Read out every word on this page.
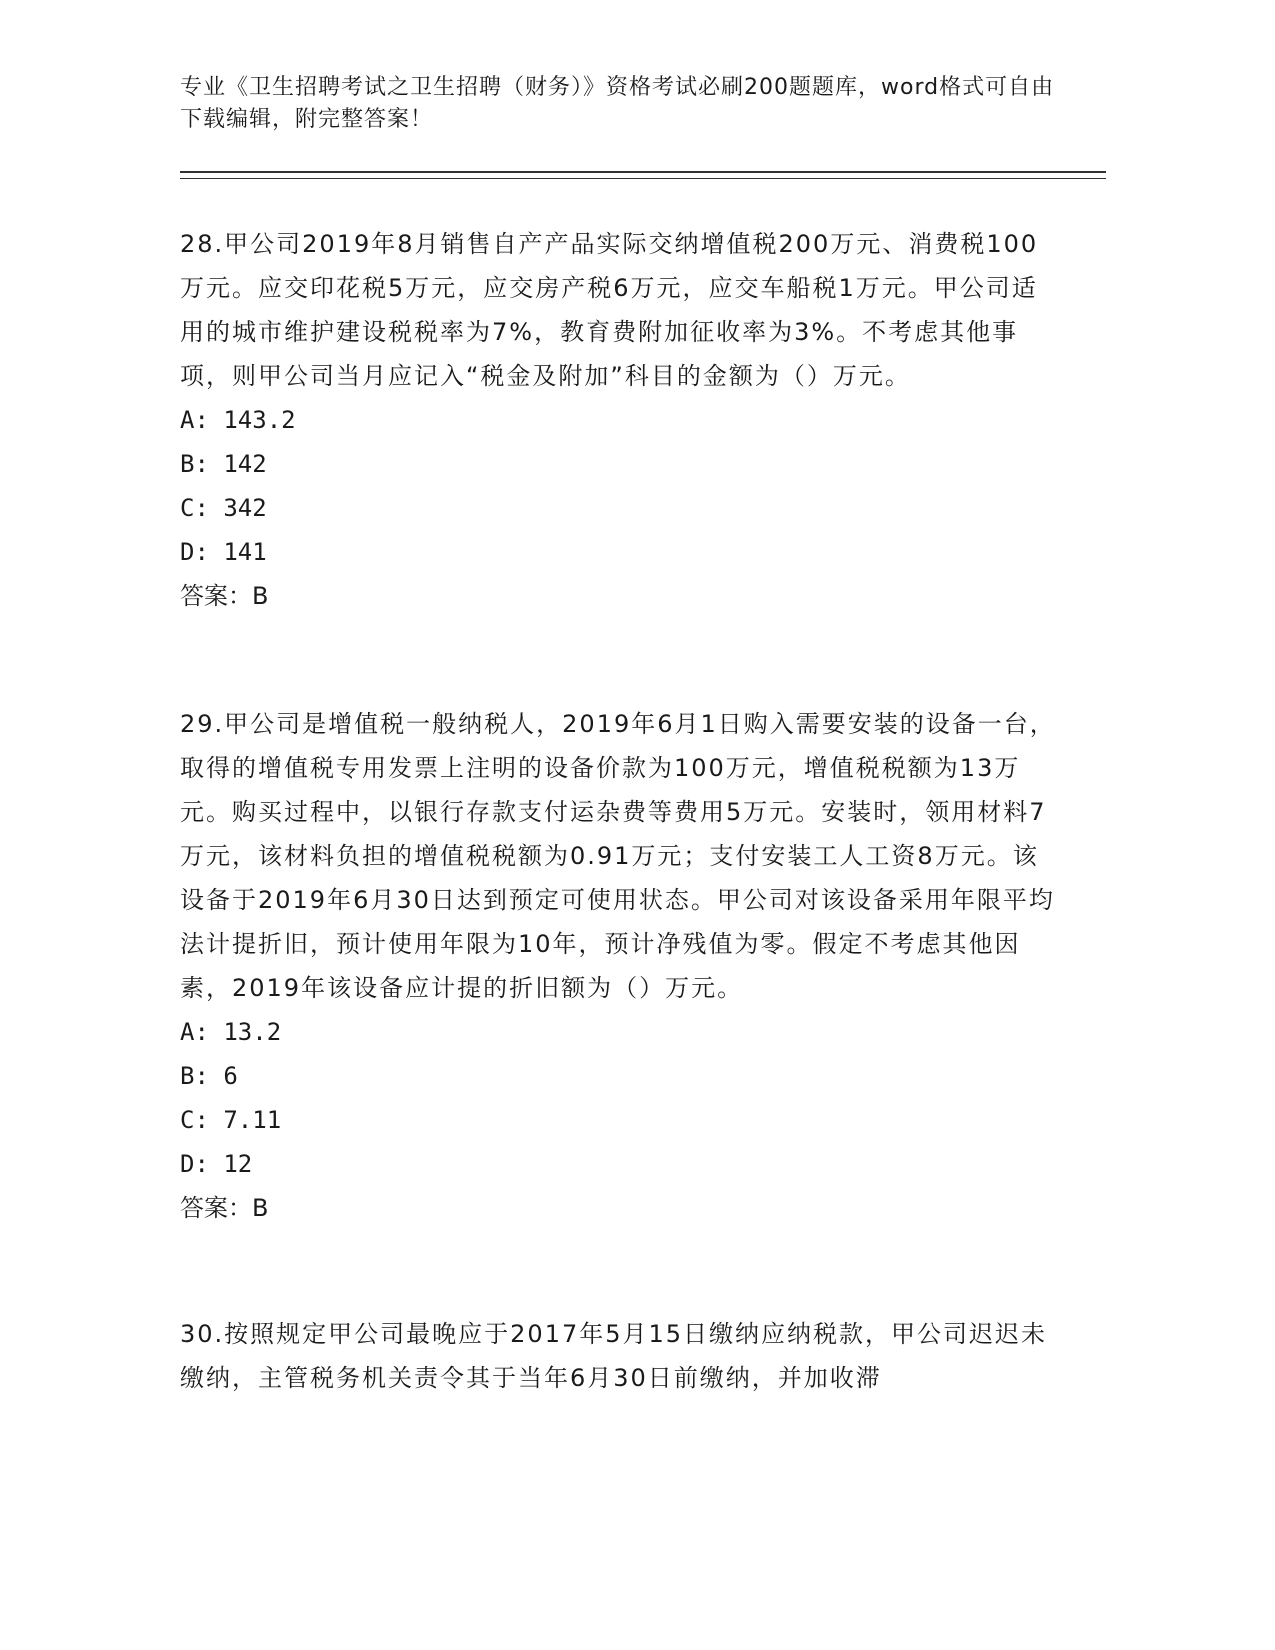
专业《卫生招聘考试之卫生招聘（财务）》资格考试必刷200题题库，word格式可自由下载编辑，附完整答案！

28.甲公司2019年8月销售自产产品实际交纳增值税200万元、消费税100万元。应交印花税5万元，应交房产税6万元，应交车船税1万元。甲公司适用的城市维护建设税税率为7%，教育费附加征收率为3%。不考虑其他事项，则甲公司当月应记入“税金及附加”科目的金额为（）万元。

A: 143.2

B: 142

C: 342

D: 141

答案：B

29.甲公司是增值税一般纳税人，2019年6月1日购入需要安装的设备一台，取得的增值税专用发票上注明的设备价款为100万元，增值税税额为13万元。购买过程中，以银行存款支付运杂费等费用5万元。安装时，领用材料7万元，该材料负担的增值税税额为0.91万元；支付安装工人工资8万元。该设备于2019年6月30日达到预定可使用状态。甲公司对该设备采用年限平均法计提折旧，预计使用年限为10年，预计净残值为零。假定不考虑其他因素，2019年该设备应计提的折旧额为（）万元。

A: 13.2

B: 6

C: 7.11

D: 12

答案：B

30.按照规定甲公司最晚应于2017年5月15日缴纳应纳税款，甲公司迟迟未缴纳，主管税务机关责令其于当年6月30日前缴纳，并加收滞
